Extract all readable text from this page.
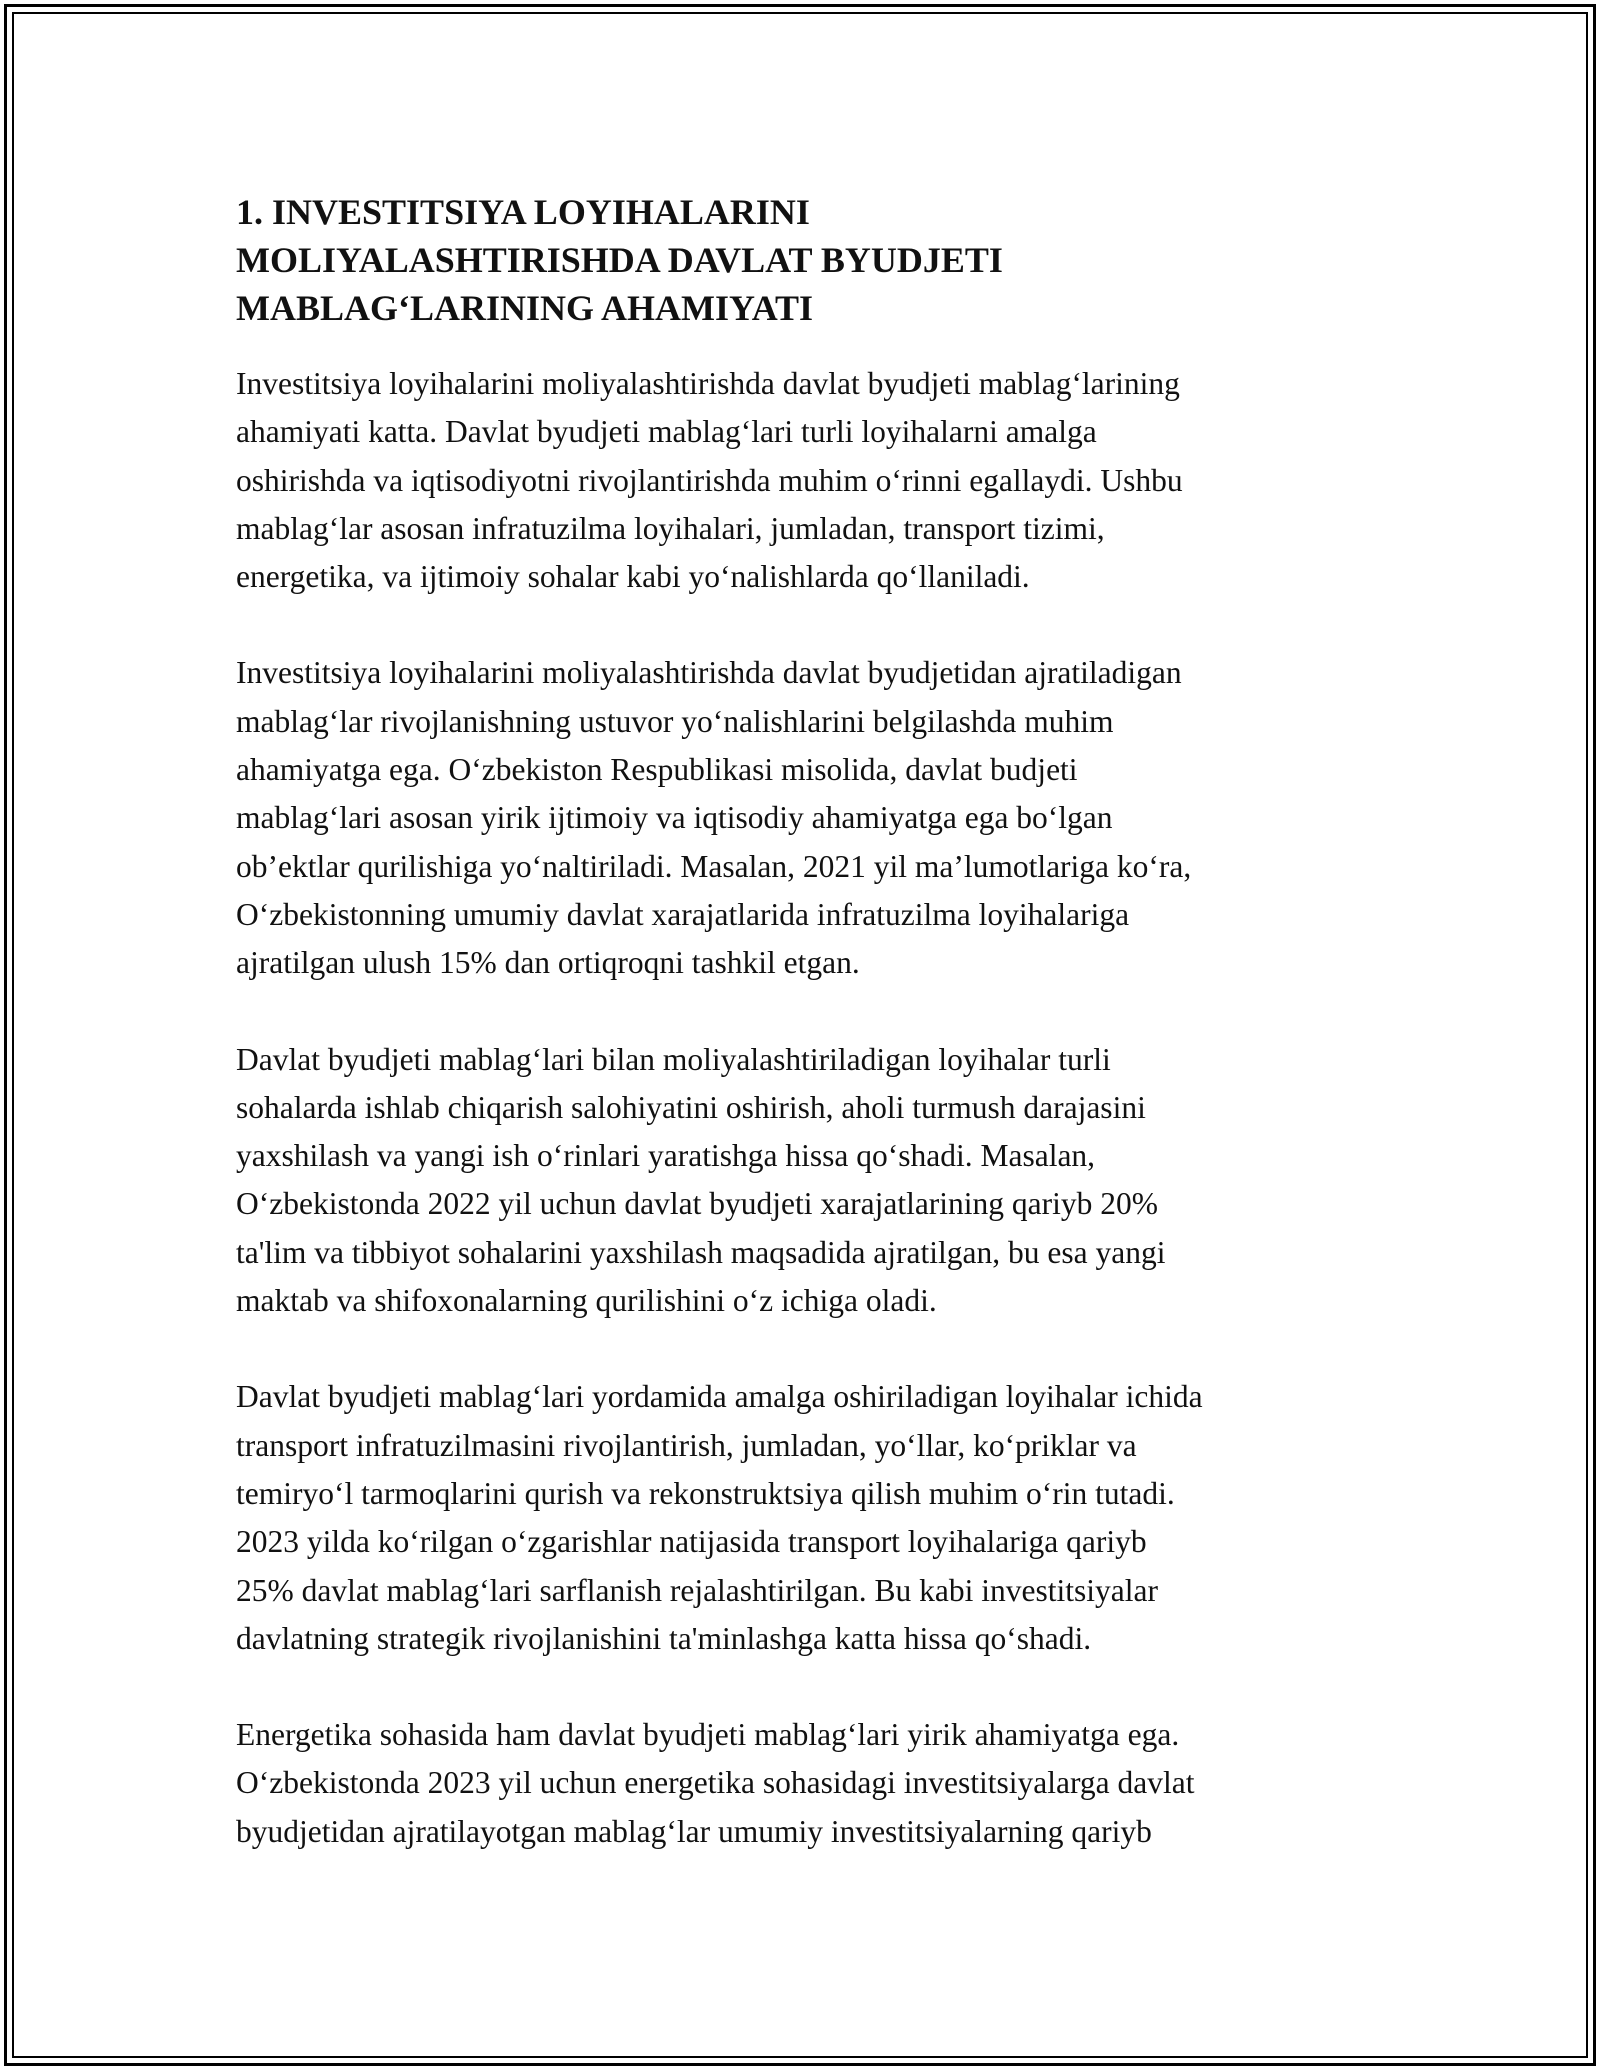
1. INVESTITSIYA LOYIHALARINI
MOLIYALASHTIRISHDA DAVLAT BYUDJETI
MABLAG‘LARINING AHAMIYATI

Investitsiya loyihalarini moliyalashtirishda davlat byudjeti mablag‘larining
ahamiyati katta. Davlat byudjeti mablag‘lari turli loyihalarni amalga
oshirishda va iqtisodiyotni rivojlantirishda muhim o‘rinni egallaydi. Ushbu
mablag‘lar asosan infratuzilma loyihalari, jumladan, transport tizimi,
energetika, va ijtimoiy sohalar kabi yo‘nalishlarda qo‘llaniladi.

Investitsiya loyihalarini moliyalashtirishda davlat byudjetidan ajratiladigan
mablag‘lar rivojlanishning ustuvor yo‘nalishlarini belgilashda muhim
ahamiyatga ega. O‘zbekiston Respublikasi misolida, davlat budjeti
mablag‘lari asosan yirik ijtimoiy va iqtisodiy ahamiyatga ega bo‘lgan
ob’ektlar qurilishiga yo‘naltiriladi. Masalan, 2021 yil ma’lumotlariga ko‘ra,
O‘zbekistonning umumiy davlat xarajatlarida infratuzilma loyihalariga
ajratilgan ulush 15% dan ortiqroqni tashkil etgan.

Davlat byudjeti mablag‘lari bilan moliyalashtiriladigan loyihalar turli
sohalarda ishlab chiqarish salohiyatini oshirish, aholi turmush darajasini
yaxshilash va yangi ish o‘rinlari yaratishga hissa qo‘shadi. Masalan,
O‘zbekistonda 2022 yil uchun davlat byudjeti xarajatlarining qariyb 20%
ta'lim va tibbiyot sohalarini yaxshilash maqsadida ajratilgan, bu esa yangi
maktab va shifoxonalarning qurilishini o‘z ichiga oladi.

Davlat byudjeti mablag‘lari yordamida amalga oshiriladigan loyihalar ichida
transport infratuzilmasini rivojlantirish, jumladan, yo‘llar, ko‘priklar va
temiryo‘l tarmoqlarini qurish va rekonstruktsiya qilish muhim o‘rin tutadi.
2023 yilda ko‘rilgan o‘zgarishlar natijasida transport loyihalariga qariyb
25% davlat mablag‘lari sarflanish rejalashtirilgan. Bu kabi investitsiyalar
davlatning strategik rivojlanishini ta'minlashga katta hissa qo‘shadi.

Energetika sohasida ham davlat byudjeti mablag‘lari yirik ahamiyatga ega.
O‘zbekistonda 2023 yil uchun energetika sohasidagi investitsiyalarga davlat
byudjetidan ajratilayotgan mablag‘lar umumiy investitsiyalarning qariyb
